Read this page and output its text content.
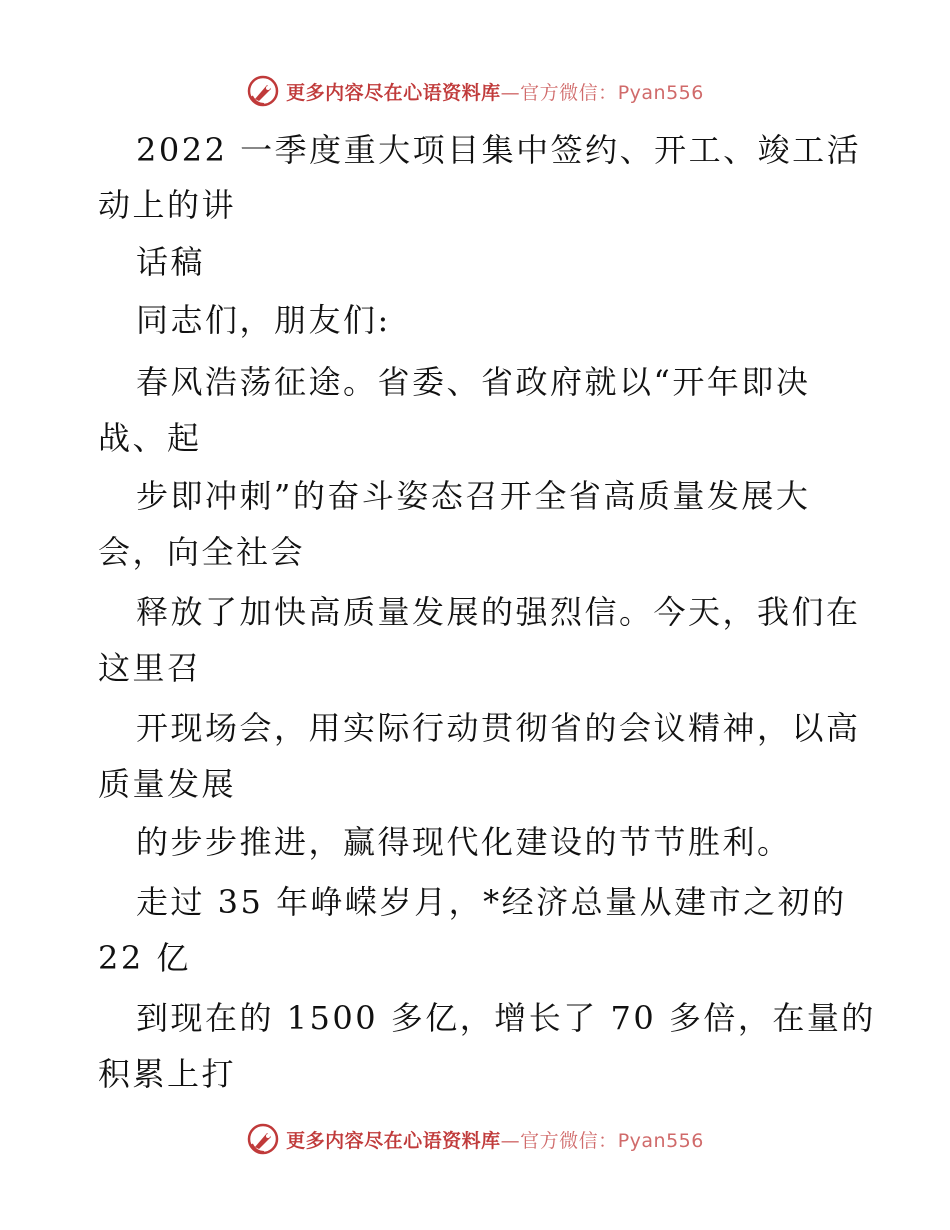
更多内容尽在心语资料库—官方微信：Pyan556
2022 一季度重大项目集中签约、开工、竣工活
动上的讲
话稿
同志们，朋友们:
春风浩荡征途。省委、省政府就以“开年即决
战、起
步即冲刺”的奋斗姿态召开全省高质量发展大
会，向全社会
释放了加快高质量发展的强烈信。今天，我们在
这里召
开现场会，用实际行动贯彻省的会议精神，以高
质量发展
的步步推进，赢得现代化建设的节节胜利。
走过 35 年峥嵘岁月，*经济总量从建市之初的
22 亿
到现在的 1500 多亿，增长了 70 多倍，在量的
积累上打
更多内容尽在心语资料库—官方微信：Pyan556
